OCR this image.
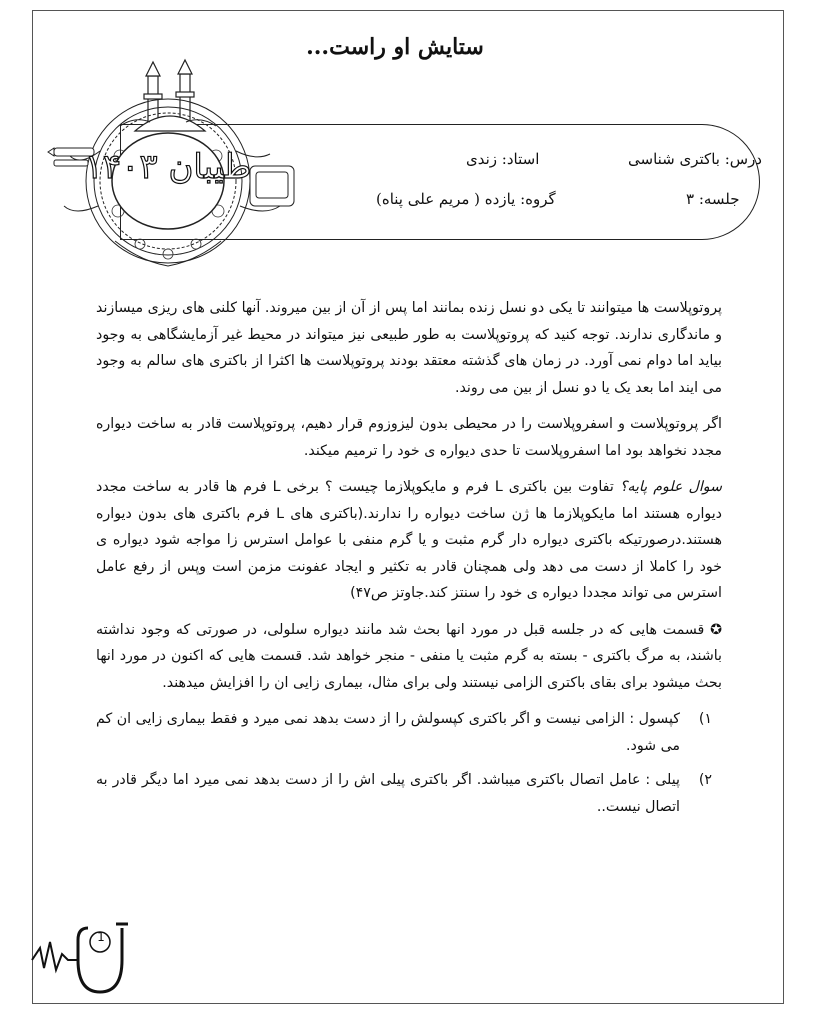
ستایش او راست...
طیبان ۱۴۰۳	درس: باکتری شناسی
استاد: زندی
جلسه: ۳
گروه: یازده ( مریم علی پناه)

پروتوپلاست ها میتوانند تا یکی دو نسل زنده بمانند اما پس از آن از بین میروند. آنها کلنی های ریزی میسازند و ماندگاری ندارند. توجه کنید که پروتوپلاست به طور طبیعی نیز میتواند در محیط غیر آزمایشگاهی به وجود بیاید اما دوام نمی آورد. در زمان های گذشته معتقد بودند پروتوپلاست ها اکثرا از باکتری های سالم به وجود می ایند اما بعد یک یا دو نسل از بین می روند.

اگر پروتوپلاست و اسفروپلاست را در محیطی بدون لیزوزوم قرار دهیم، پروتوپلاست قادر به ساخت دیواره مجدد نخواهد بود اما اسفروپلاست تا حدی دیواره ی خود را ترمیم میکند.

سوال علوم پایه؟ تفاوت بین باکتری L فرم و مایکوپلازما چیست ؟ برخی L فرم ها قادر به ساخت مجدد دیواره هستند اما مایکوپلازما ها ژن ساخت دیواره را ندارند.(باکتری های L فرم باکتری های بدون دیواره هستند.درصورتیکه باکتری دیواره دار گرم مثبت و یا گرم منفی با عوامل استرس زا مواجه شود دیواره ی خود را کاملا از دست می دهد ولی همچنان قادر به تکثیر و ایجاد عفونت مزمن است وپس از رفع عامل استرس می تواند مجددا دیواره ی خود را سنتز کند.جاوتز ص۴۷)

✪ قسمت هایی که در جلسه قبل در مورد انها بحث شد مانند دیواره سلولی، در صورتی که وجود نداشته باشند، به مرگ باکتری - بسته به گرم مثبت یا منفی - منجر خواهد شد. قسمت هایی که اکنون در مورد انها بحث میشود برای بقای باکتری الزامی نیستند ولی برای مثال، بیماری زایی ان را افزایش میدهند.

۱)
کپسول : الزامی نیست و اگر باکتری کپسولش را از دست بدهد نمی میرد و فقط بیماری زایی ان کم می شود.
۲)
پیلی : عامل اتصال باکتری میباشد. اگر باکتری پیلی اش را از دست بدهد نمی میرد اما دیگر قادر به اتصال نیست..
1
